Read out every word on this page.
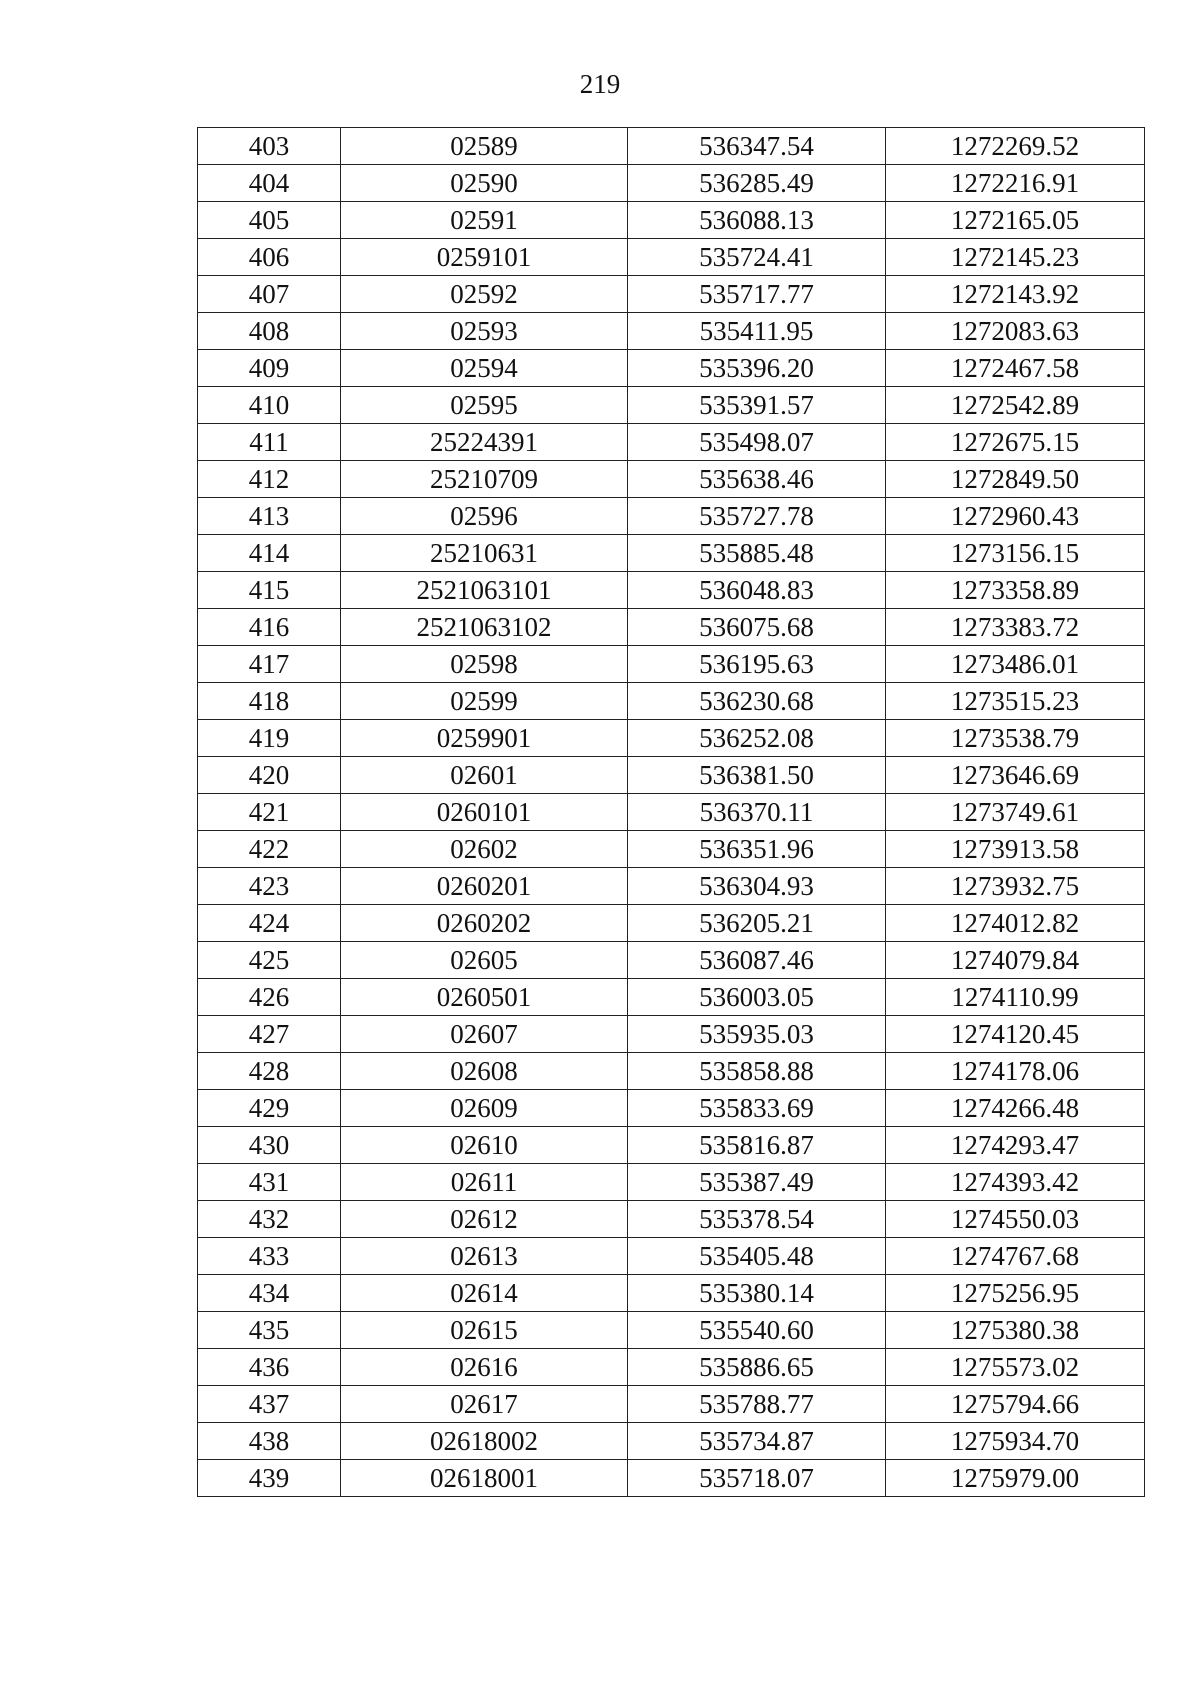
219
403	02589	536347.54	1272269.52
404	02590	536285.49	1272216.91
405	02591	536088.13	1272165.05
406	0259101	535724.41	1272145.23
407	02592	535717.77	1272143.92
408	02593	535411.95	1272083.63
409	02594	535396.20	1272467.58
410	02595	535391.57	1272542.89
411	25224391	535498.07	1272675.15
412	25210709	535638.46	1272849.50
413	02596	535727.78	1272960.43
414	25210631	535885.48	1273156.15
415	2521063101	536048.83	1273358.89
416	2521063102	536075.68	1273383.72
417	02598	536195.63	1273486.01
418	02599	536230.68	1273515.23
419	0259901	536252.08	1273538.79
420	02601	536381.50	1273646.69
421	0260101	536370.11	1273749.61
422	02602	536351.96	1273913.58
423	0260201	536304.93	1273932.75
424	0260202	536205.21	1274012.82
425	02605	536087.46	1274079.84
426	0260501	536003.05	1274110.99
427	02607	535935.03	1274120.45
428	02608	535858.88	1274178.06
429	02609	535833.69	1274266.48
430	02610	535816.87	1274293.47
431	02611	535387.49	1274393.42
432	02612	535378.54	1274550.03
433	02613	535405.48	1274767.68
434	02614	535380.14	1275256.95
435	02615	535540.60	1275380.38
436	02616	535886.65	1275573.02
437	02617	535788.77	1275794.66
438	02618002	535734.87	1275934.70
439	02618001	535718.07	1275979.00
